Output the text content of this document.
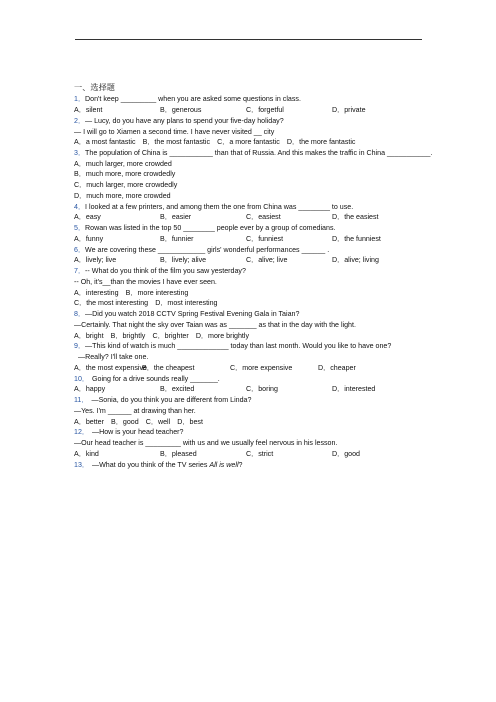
一、选择题
1．Don't keep _________ when you are asked some questions in class.
A．silent	B．generous	C．forgetful	D．private
2．— Lucy, do you have any plans to spend your five-day holiday?
— I will go to Xiamen a second time. I have never visited __ city
A．a most fantastic　B．the most fantastic　C．a more fantastic　D．the more fantastic
3．The population of China is ___________ than that of Russia. And this makes the traffic in China ___________.
A．much larger, more crowded
B．much more, more crowdedly
C．much larger, more crowdedly
D．much more, more crowded
4．I looked at a few printers, and among them the one from China was ________ to use.
A．easy	B．easier	C．easiest	D．the easiest
5．Rowan was listed in the top 50 ________ people ever by a group of comedians.
A．funny	B．funnier	C．funniest	D．the funniest
6．We are covering these ____________ girls' wonderful performances ______ .
A．lively; live	B．lively; alive	C．alive; live	D．alive; living
7．-- What do you think of the film you saw yesterday?
-- Oh, it's__than the movies I have ever seen.
A．interesting　B．more interesting
C．the most interesting　D．most interesting
8．—Did you watch 2018 CCTV Spring Festival Evening Gala in Taian?
—Certainly. That night the sky over Taian was as _______ as that in the day with the light.
A．bright　B．brightly　C．brighter　D．more brightly
9．—This kind of watch is much _____________ today than last month. Would you like to have one?
—Really? I'll take one.
A．the most expensive
B．the cheapest	C．more expensive	D．cheaper
10． Going for a drive sounds really _______.
A．happy	B．excited	C．boring	D．interested
11． —Sonia, do you think you are different from Linda?
—Yes. I'm ______ at drawing than her.
A．better　B．good　C．well　D．best
12． —How is your head teacher?
—Our head teacher is _________ with us and we usually feel nervous in his lesson.
A．kind	B．pleased	C．strict	D．good
13． —What do you think of the TV series All is well?
